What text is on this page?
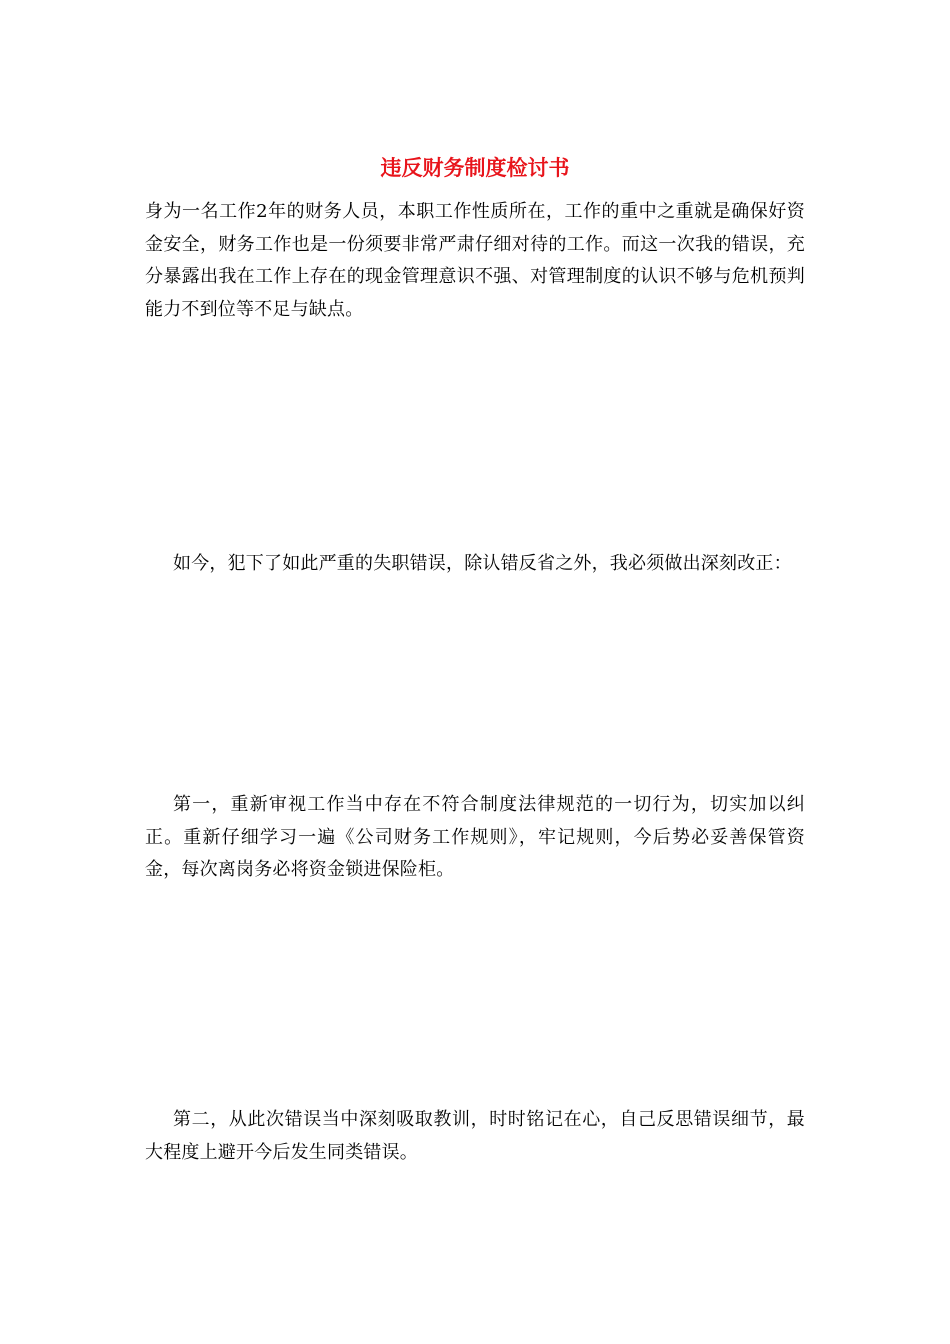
违反财务制度检讨书

身为一名工作2年的财务人员，本职工作性质所在，工作的重中之重就是确保好资金安全，财务工作也是一份须要非常严肃仔细对待的工作。而这一次我的错误，充分暴露出我在工作上存在的现金管理意识不强、对管理制度的认识不够与危机预判能力不到位等不足与缺点。

如今，犯下了如此严重的失职错误，除认错反省之外，我必须做出深刻改正：

第一，重新审视工作当中存在不符合制度法律规范的一切行为，切实加以纠正。重新仔细学习一遍《公司财务工作规则》，牢记规则，今后势必妥善保管资金，每次离岗务必将资金锁进保险柜。

第二，从此次错误当中深刻吸取教训，时时铭记在心，自己反思错误细节，最大程度上避开今后发生同类错误。
